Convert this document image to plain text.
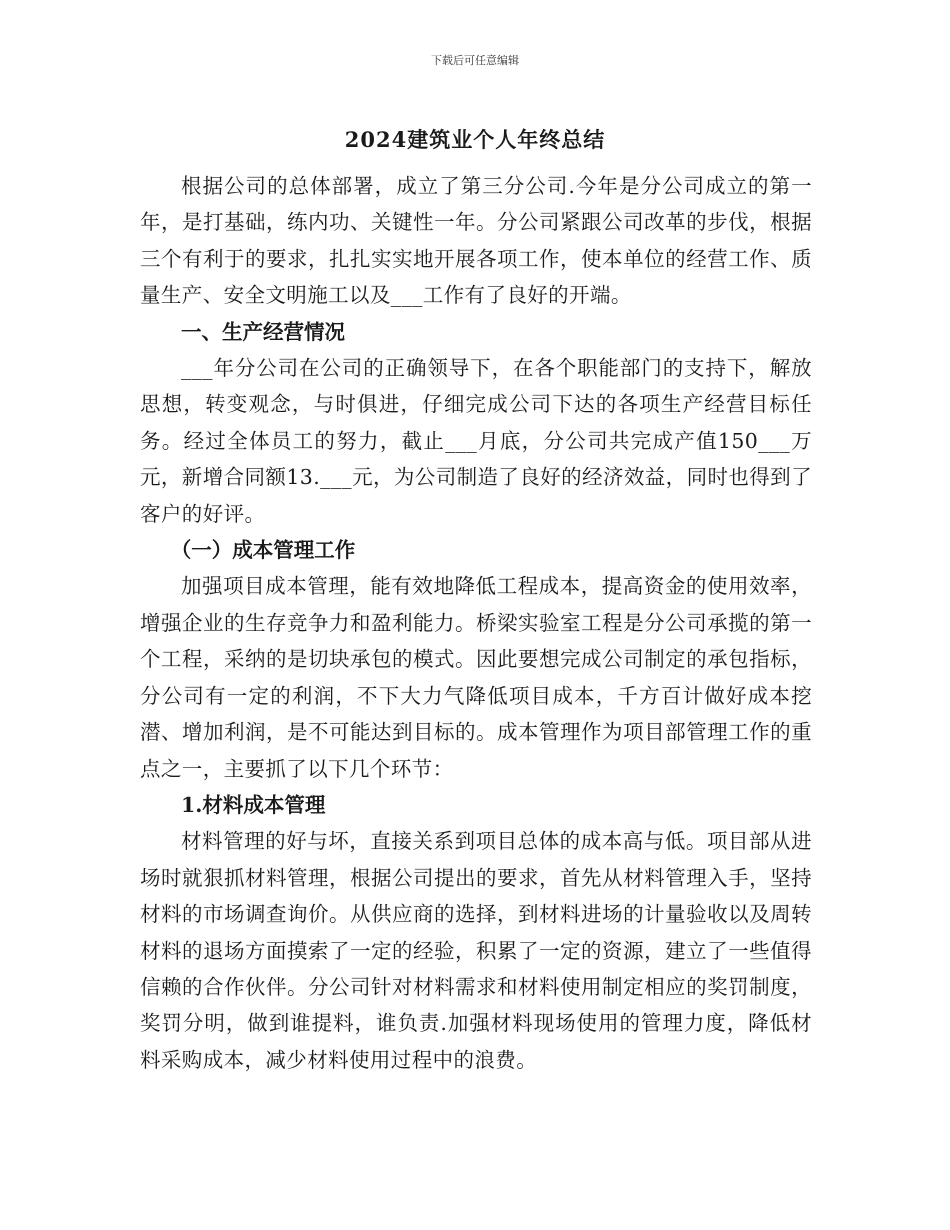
下载后可任意编辑
2024建筑业个人年终总结

根据公司的总体部署，成立了第三分公司.今年是分公司成立的第一年，是打基础，练内功、关键性一年。分公司紧跟公司改革的步伐，根据三个有利于的要求，扎扎实实地开展各项工作，使本单位的经营工作、质量生产、安全文明施工以及___工作有了良好的开端。

一、生产经营情况

___年分公司在公司的正确领导下，在各个职能部门的支持下，解放思想，转变观念，与时俱进，仔细完成公司下达的各项生产经营目标任务。经过全体员工的努力，截止___月底，分公司共完成产值150___万元，新增合同额13.___元，为公司制造了良好的经济效益，同时也得到了客户的好评。

（一）成本管理工作

加强项目成本管理，能有效地降低工程成本，提高资金的使用效率，增强企业的生存竞争力和盈利能力。桥梁实验室工程是分公司承揽的第一个工程，采纳的是切块承包的模式。因此要想完成公司制定的承包指标，分公司有一定的利润，不下大力气降低项目成本，千方百计做好成本挖潜、增加利润，是不可能达到目标的。成本管理作为项目部管理工作的重点之一，主要抓了以下几个环节：

1.材料成本管理

材料管理的好与坏，直接关系到项目总体的成本高与低。项目部从进场时就狠抓材料管理，根据公司提出的要求，首先从材料管理入手，坚持材料的市场调查询价。从供应商的选择，到材料进场的计量验收以及周转材料的退场方面摸索了一定的经验，积累了一定的资源，建立了一些值得信赖的合作伙伴。分公司针对材料需求和材料使用制定相应的奖罚制度，奖罚分明，做到谁提料，谁负责.加强材料现场使用的管理力度，降低材料采购成本，减少材料使用过程中的浪费。
